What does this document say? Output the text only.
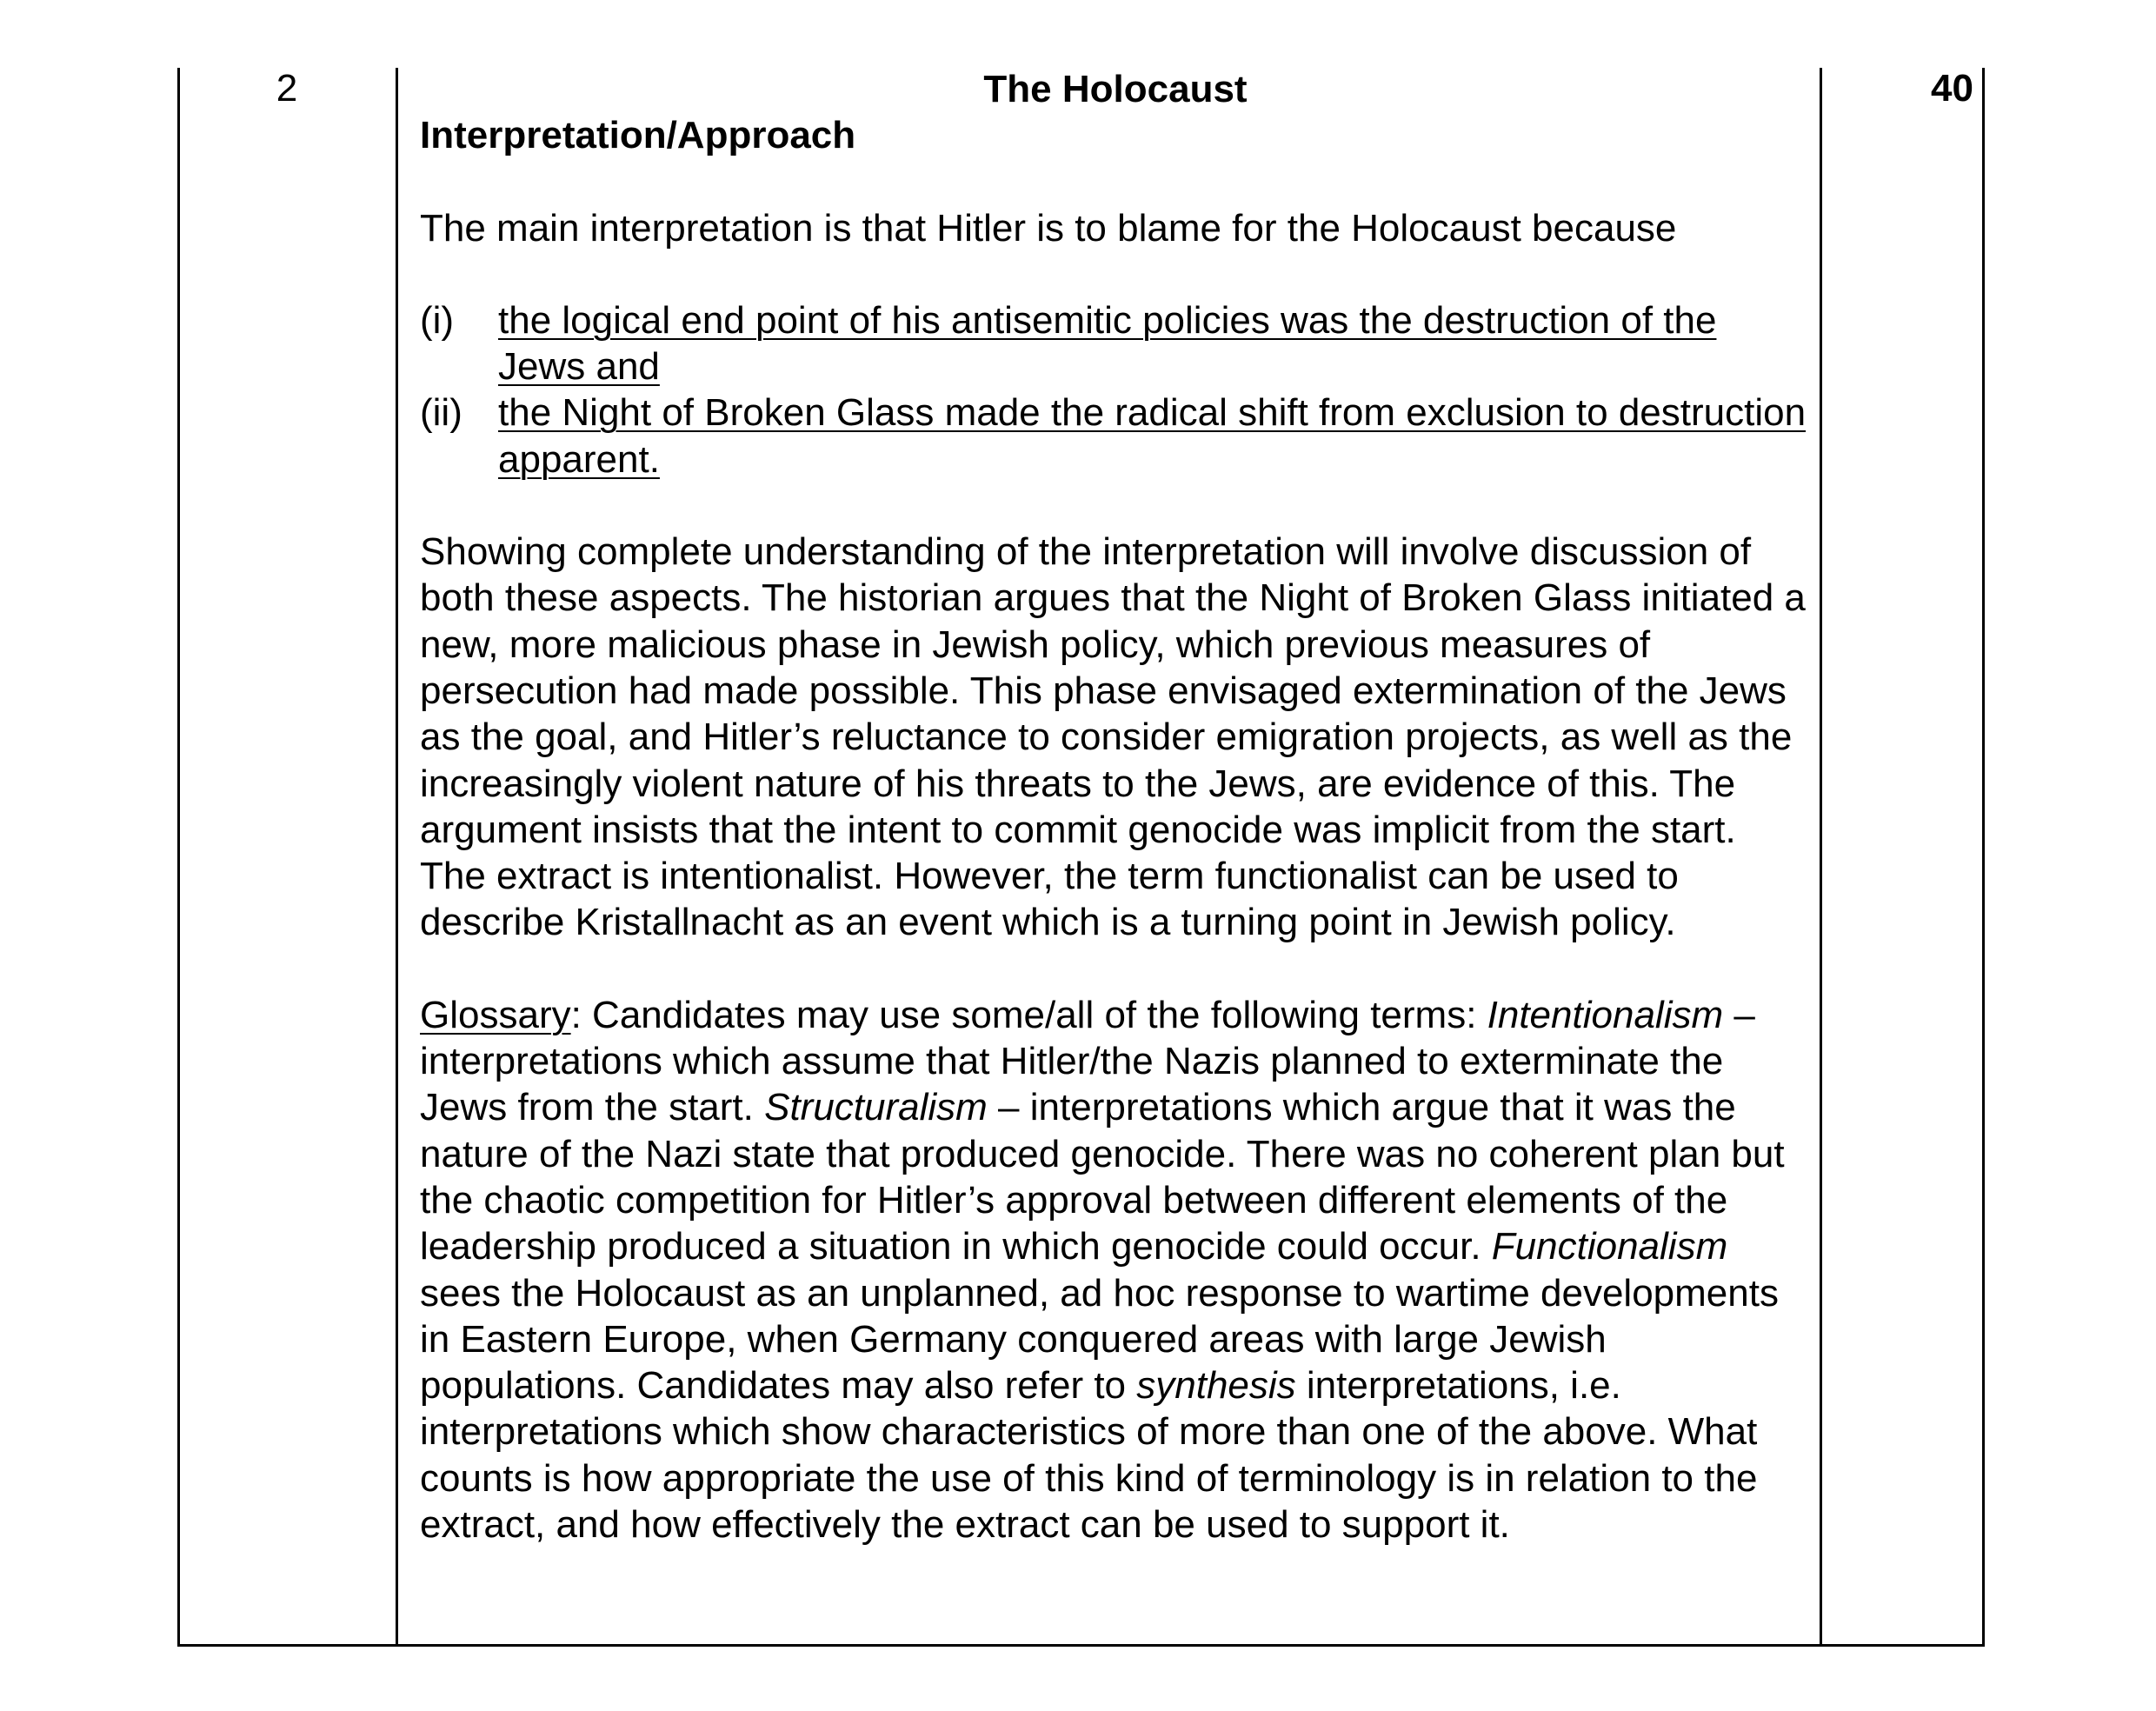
2	40

The Holocaust

Interpretation/Approach

The main interpretation is that Hitler is to blame for the Holocaust because

(i)	the logical end point of his antisemitic policies was the destruction of the Jews and
(ii) the Night of Broken Glass made the radical shift from exclusion to destruction apparent.

Showing complete understanding of the interpretation will involve discussion of both these aspects. The historian argues that the Night of Broken Glass initiated a new, more malicious phase in Jewish policy, which previous measures of persecution had made possible. This phase envisaged extermination of the Jews as the goal, and Hitler’s reluctance to consider emigration projects, as well as the increasingly violent nature of his threats to the Jews, are evidence of this. The argument insists that the intent to commit genocide was implicit from the start. The extract is intentionalist. However, the term functionalist can be used to describe Kristallnacht as an event which is a turning point in Jewish policy.

Glossary: Candidates may use some/all of the following terms: Intentionalism – interpretations which assume that Hitler/the Nazis planned to exterminate the Jews from the start. Structuralism – interpretations which argue that it was the nature of the Nazi state that produced genocide. There was no coherent plan but the chaotic competition for Hitler’s approval between different elements of the leadership produced a situation in which genocide could occur. Functionalism sees the Holocaust as an unplanned, ad hoc response to wartime developments in Eastern Europe, when Germany conquered areas with large Jewish populations. Candidates may also refer to synthesis interpretations, i.e. interpretations which show characteristics of more than one of the above. What counts is how appropriate the use of this kind of terminology is in relation to the extract, and how effectively the extract can be used to support it.
